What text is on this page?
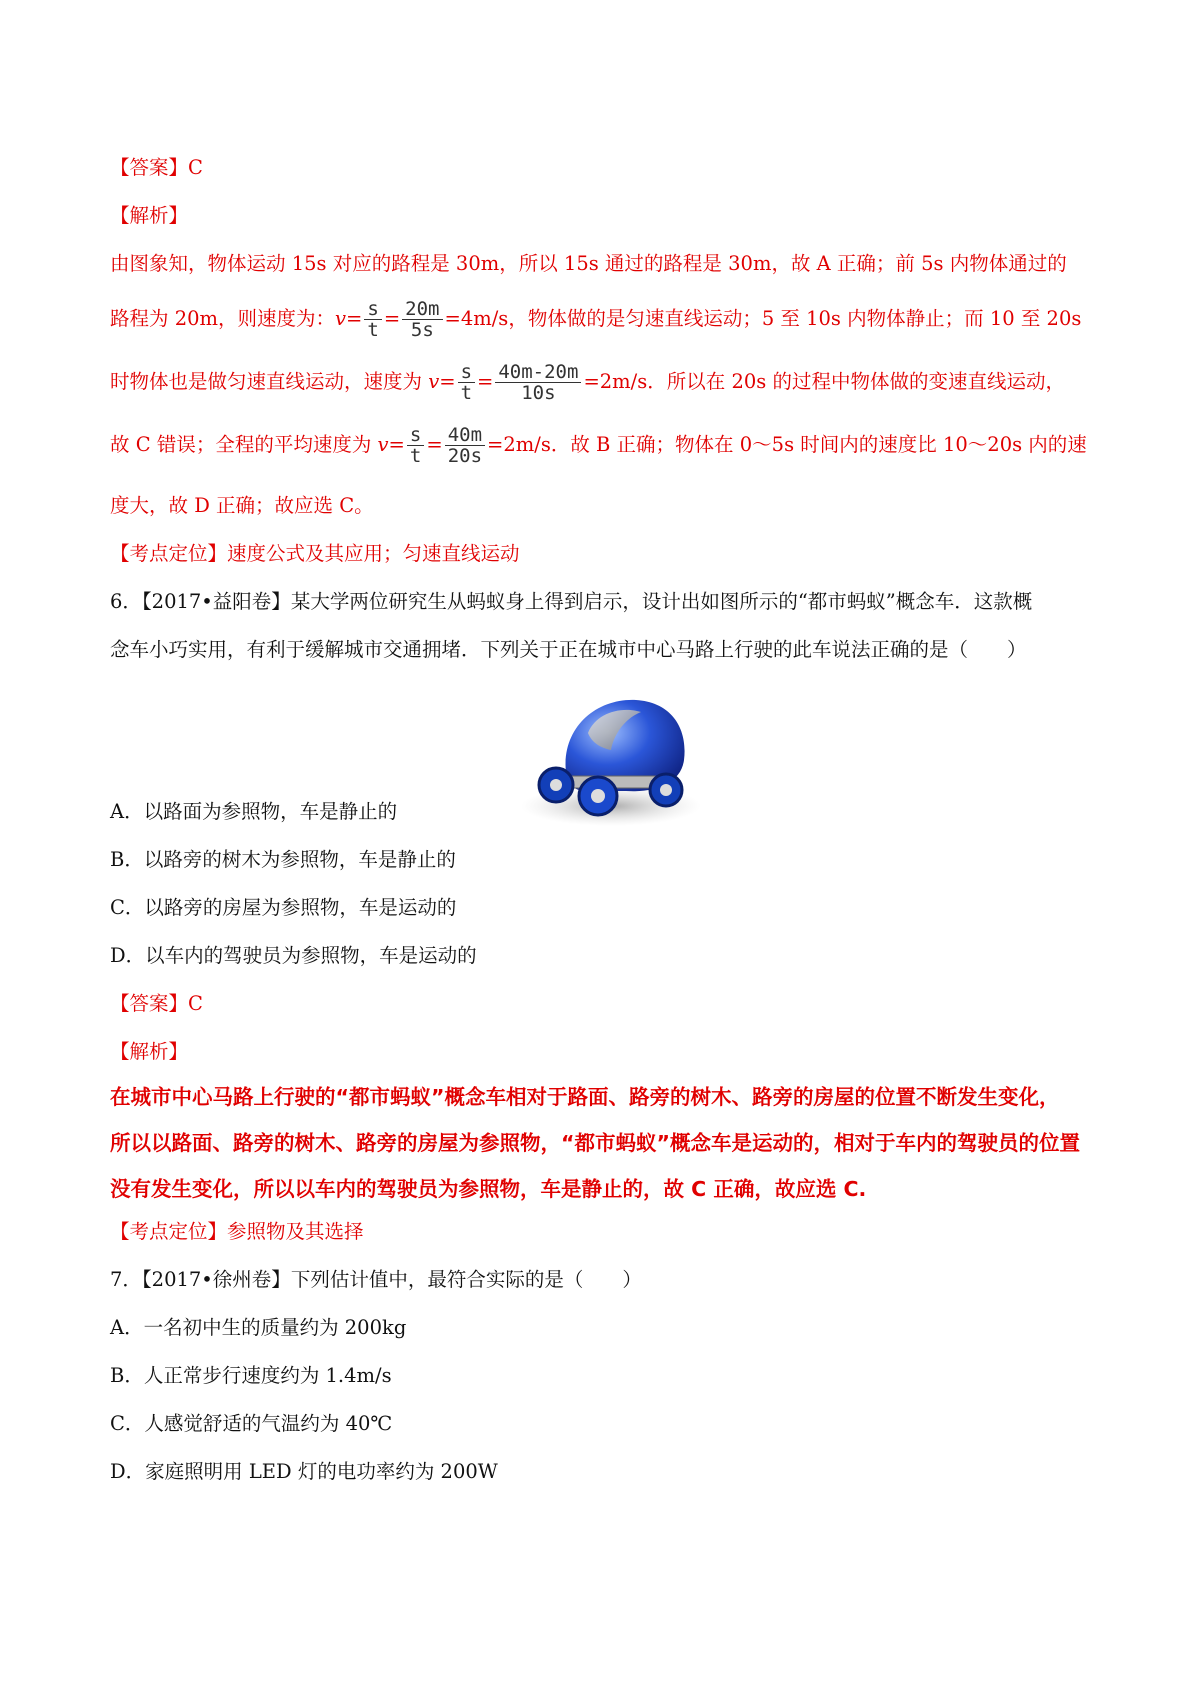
【答案】C
【解析】
由图象知，物体运动 15s 对应的路程是 30m，所以 15s 通过的路程是 30m，故 A 正确；前 5s 内物体通过的
路程为 20m，则速度为：$v= \frac{s}{t} = \frac{20m}{5s} =4m/s$，物体做的是匀速直线运动；5 至 10s 内物体静止；而 10 至 20s
时物体也是做匀速直线运动，速度为 $v= \frac{s}{t} = \frac{40m-20m}{10s} =2m/s$．所以在 20s 的过程中物体做的变速直线运动，
故 C 错误；全程的平均速度为 $v= \frac{s}{t} = \frac{40m}{20s} =2m/s$．故 B 正确；物体在 0～5s 时间内的速度比 10～20s 内的速
度大，故 D 正确；故应选 C。
【考点定位】速度公式及其应用；匀速直线运动
6．【2017•益阳卷】某大学两位研究生从蚂蚁身上得到启示，设计出如图所示的“都市蚂蚁”概念车．这款概
念车小巧实用，有利于缓解城市交通拥堵．下列关于正在城市中心马路上行驶的此车说法正确的是（　　）
A．以路面为参照物，车是静止的
B．以路旁的树木为参照物，车是静止的
C．以路旁的房屋为参照物，车是运动的
D．以车内的驾驶员为参照物，车是运动的
【答案】C
【解析】
在城市中心马路上行驶的“都市蚂蚁”概念车相对于路面、路旁的树木、路旁的房屋的位置不断发生变化，
所以以路面、路旁的树木、路旁的房屋为参照物，“都市蚂蚁”概念车是运动的，相对于车内的驾驶员的位置
没有发生变化，所以以车内的驾驶员为参照物，车是静止的，故 C 正确，故应选 C.
【考点定位】参照物及其选择
7．【2017•徐州卷】下列估计值中，最符合实际的是（　　）
A．一名初中生的质量约为 200kg
B．人正常步行速度约为 1.4m/s
C．人感觉舒适的气温约为 40℃
D．家庭照明用 LED 灯的电功率约为 200W
